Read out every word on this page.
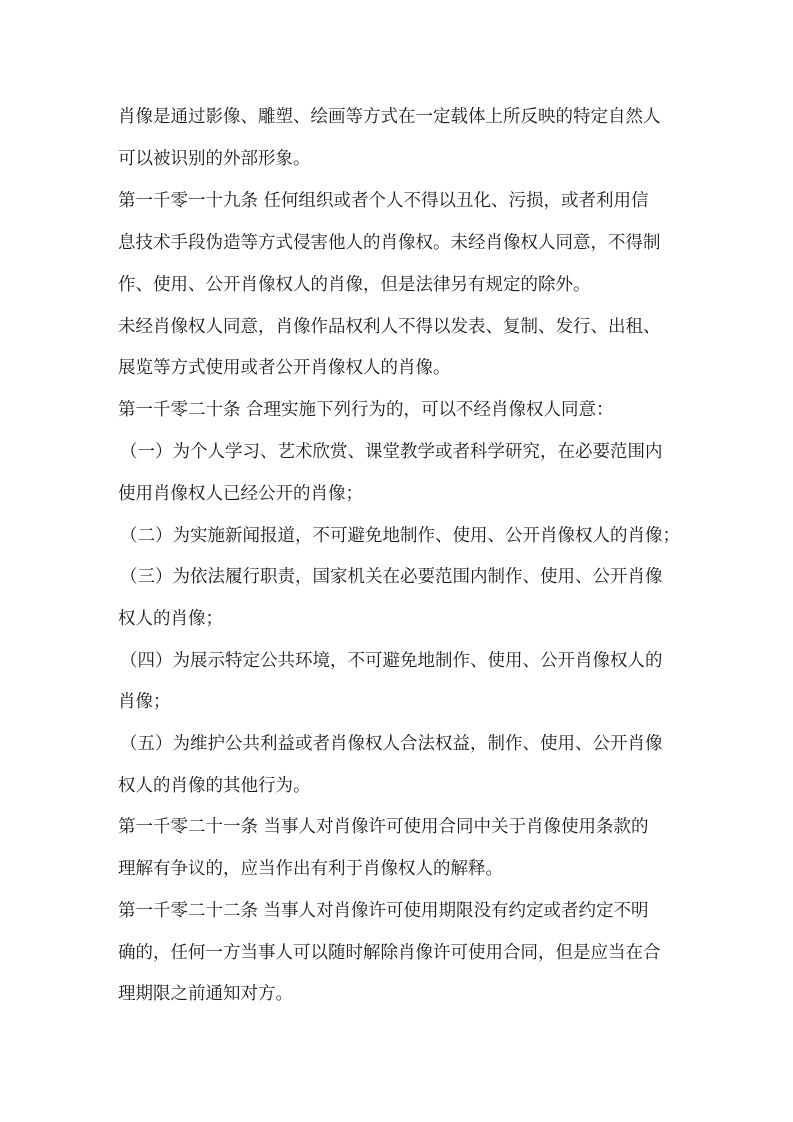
肖像是通过影像、雕塑、绘画等方式在一定载体上所反映的特定自然人
可以被识别的外部形象。
第一千零一十九条 任何组织或者个人不得以丑化、污损，或者利用信
息技术手段伪造等方式侵害他人的肖像权。未经肖像权人同意，不得制
作、使用、公开肖像权人的肖像，但是法律另有规定的除外。
未经肖像权人同意，肖像作品权利人不得以发表、复制、发行、出租、
展览等方式使用或者公开肖像权人的肖像。
第一千零二十条 合理实施下列行为的，可以不经肖像权人同意：
（一）为个人学习、艺术欣赏、课堂教学或者科学研究，在必要范围内
使用肖像权人已经公开的肖像；
（二）为实施新闻报道，不可避免地制作、使用、公开肖像权人的肖像；
（三）为依法履行职责，国家机关在必要范围内制作、使用、公开肖像
权人的肖像；
（四）为展示特定公共环境，不可避免地制作、使用、公开肖像权人的
肖像；
（五）为维护公共利益或者肖像权人合法权益，制作、使用、公开肖像
权人的肖像的其他行为。
第一千零二十一条 当事人对肖像许可使用合同中关于肖像使用条款的
理解有争议的，应当作出有利于肖像权人的解释。
第一千零二十二条 当事人对肖像许可使用期限没有约定或者约定不明
确的，任何一方当事人可以随时解除肖像许可使用合同，但是应当在合
理期限之前通知对方。
